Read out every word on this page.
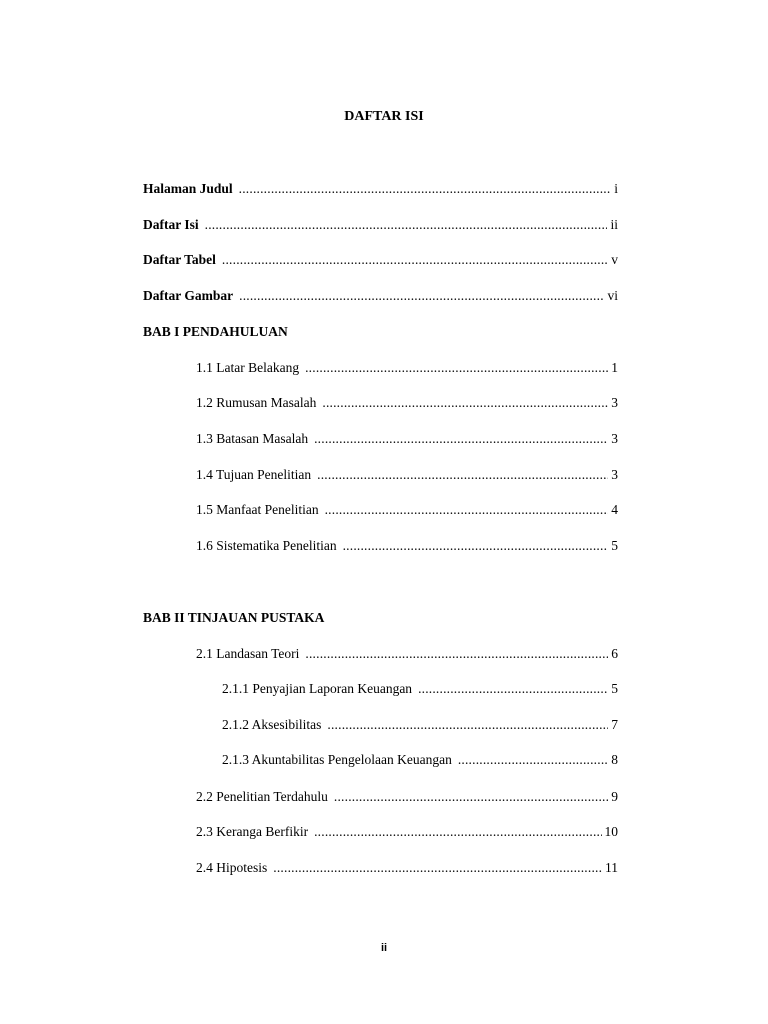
DAFTAR ISI
Halaman Judul .....	i
Daftar Isi .....	ii
Daftar Tabel .....	v
Daftar Gambar .....	vi
BAB I PENDAHULUAN
1.1 Latar Belakang .....	1
1.2 Rumusan Masalah .....	3
1.3 Batasan Masalah .....	3
1.4 Tujuan Penelitian .....	3
1.5 Manfaat Penelitian .....	4
1.6 Sistematika Penelitian .....	5
BAB II TINJAUAN PUSTAKA
2.1 Landasan Teori .....	6
2.1.1 Penyajian Laporan Keuangan .....	5
2.1.2 Aksesibilitas .....	7
2.1.3 Akuntabilitas Pengelolaan Keuangan .....	8
2.2 Penelitian Terdahulu .....	9
2.3 Keranga Berfikir .....	10
2.4 Hipotesis .....	11
ii
